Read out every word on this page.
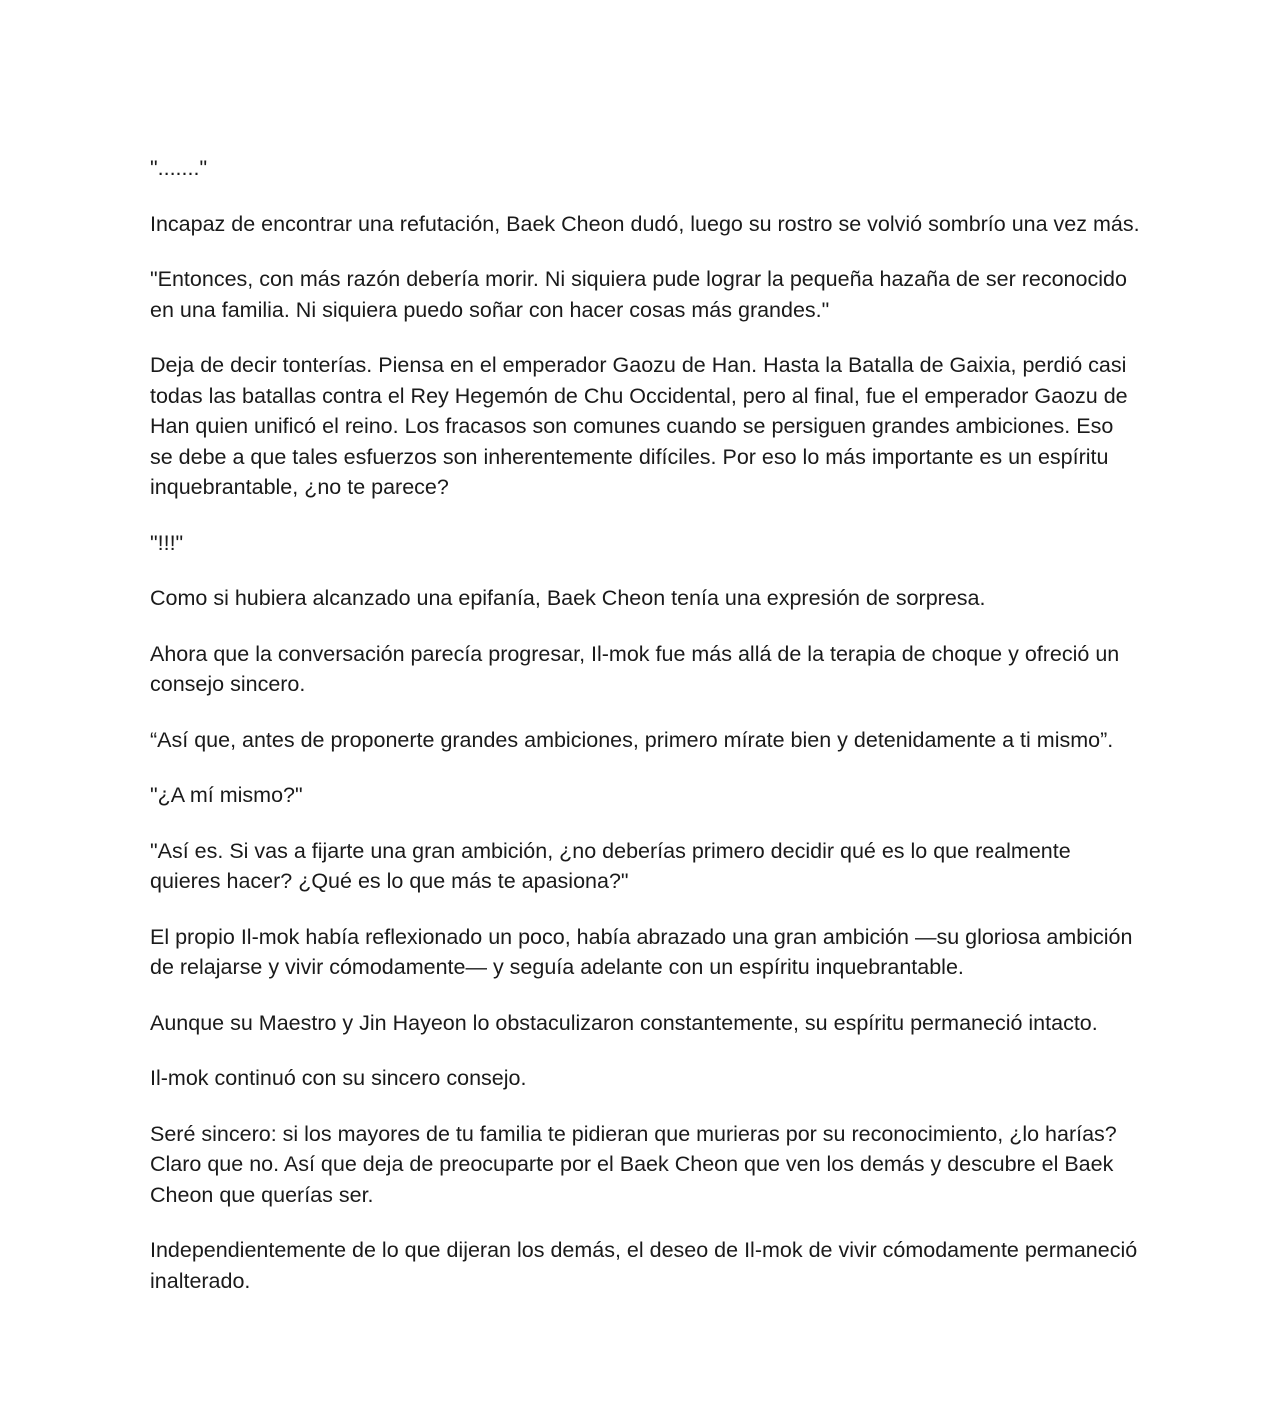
"......."

Incapaz de encontrar una refutación, Baek Cheon dudó, luego su rostro se volvió sombrío una vez más.

"Entonces, con más razón debería morir. Ni siquiera pude lograr la pequeña hazaña de ser reconocido en una familia. Ni siquiera puedo soñar con hacer cosas más grandes."

Deja de decir tonterías. Piensa en el emperador Gaozu de Han. Hasta la Batalla de Gaixia, perdió casi todas las batallas contra el Rey Hegemón de Chu Occidental, pero al final, fue el emperador Gaozu de Han quien unificó el reino. Los fracasos son comunes cuando se persiguen grandes ambiciones. Eso se debe a que tales esfuerzos son inherentemente difíciles. Por eso lo más importante es un espíritu inquebrantable, ¿no te parece?

"!!!"

Como si hubiera alcanzado una epifanía, Baek Cheon tenía una expresión de sorpresa.

Ahora que la conversación parecía progresar, Il-mok fue más allá de la terapia de choque y ofreció un consejo sincero.

“Así que, antes de proponerte grandes ambiciones, primero mírate bien y detenidamente a ti mismo”.

"¿A mí mismo?"

"Así es. Si vas a fijarte una gran ambición, ¿no deberías primero decidir qué es lo que realmente quieres hacer? ¿Qué es lo que más te apasiona?"

El propio Il-mok había reflexionado un poco, había abrazado una gran ambición —su gloriosa ambición de relajarse y vivir cómodamente— y seguía adelante con un espíritu inquebrantable.

Aunque su Maestro y Jin Hayeon lo obstaculizaron constantemente, su espíritu permaneció intacto.

Il-mok continuó con su sincero consejo.

Seré sincero: si los mayores de tu familia te pidieran que murieras por su reconocimiento, ¿lo harías? Claro que no. Así que deja de preocuparte por el Baek Cheon que ven los demás y descubre el Baek Cheon que querías ser.

Independientemente de lo que dijeran los demás, el deseo de Il-mok de vivir cómodamente permaneció inalterado.
